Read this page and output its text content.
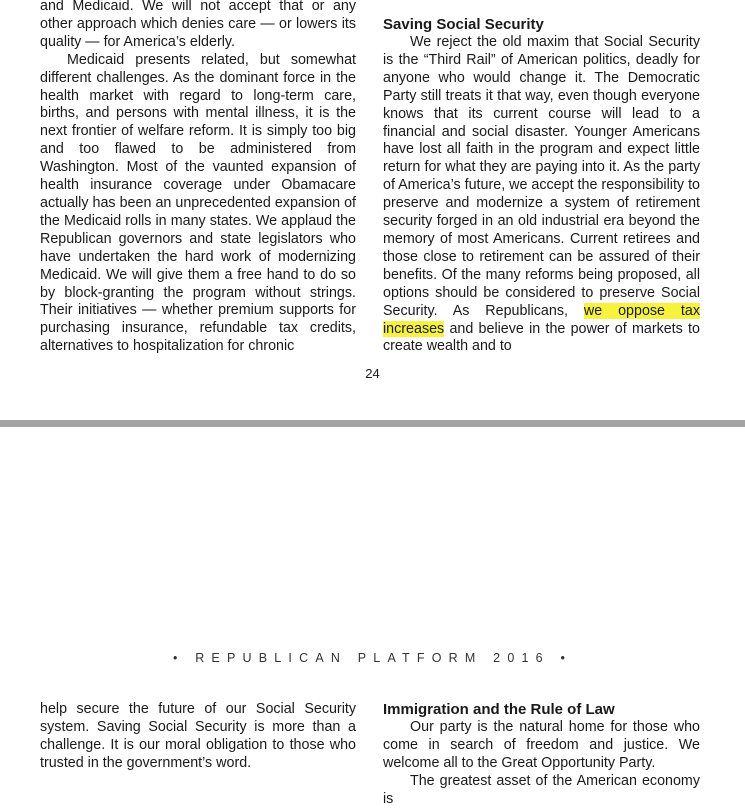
and Medicaid. We will not accept that or any other approach which denies care — or lowers its quality — for America’s elderly.

Medicaid presents related, but somewhat different challenges. As the dominant force in the health market with regard to long-term care, births, and persons with mental illness, it is the next frontier of welfare reform. It is simply too big and too flawed to be administered from Washington. Most of the vaunted expansion of health insurance coverage under Obamacare actually has been an unprecedented expansion of the Medicaid rolls in many states. We applaud the Republican governors and state legislators who have undertaken the hard work of modernizing Medicaid. We will give them a free hand to do so by block-granting the program without strings. Their initiatives — whether premium supports for purchasing insurance, refundable tax credits, alternatives to hospitalization for chronic

Saving Social Security

We reject the old maxim that Social Security is the “Third Rail” of American politics, deadly for anyone who would change it. The Democratic Party still treats it that way, even though everyone knows that its current course will lead to a financial and social disaster. Younger Americans have lost all faith in the program and expect little return for what they are paying into it. As the party of America’s future, we accept the responsibility to preserve and modernize a system of retirement security forged in an old industrial era beyond the memory of most Americans. Current retirees and those close to retirement can be assured of their benefits. Of the many reforms being proposed, all options should be considered to preserve Social Security. As Republicans, we oppose tax increases and believe in the power of markets to create wealth and to

24
• REPUBLICAN PLATFORM 2016 •

help secure the future of our Social Security system. Saving Social Security is more than a challenge. It is our moral obligation to those who trusted in the government’s word.

Immigration and the Rule of Law

Our party is the natural home for those who come in search of freedom and justice. We welcome all to the Great Opportunity Party.

The greatest asset of the American economy is
